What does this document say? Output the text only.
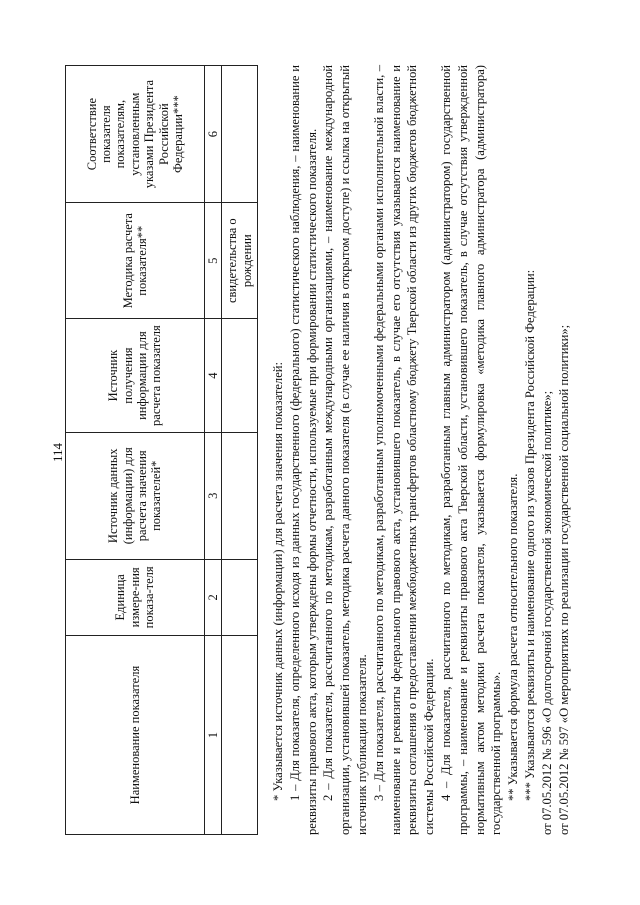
114
Наименование показателя	Единица измере-ния показа-теля	Источник данных (информации) для расчета значения показателей*	Источник получения информации для расчета показателя	Методика расчета показателя**	Соответствие показателя показателям, установленным указами Президента Российской Федерации***
1	2	3	4	5	6
				свидетельства о рождении	

* Указывается источник данных (информации) для расчета значения показателей: 1 – Для показателя, определенного исходя из данных государственного (федерального) статистического наблюдения, – наименование и реквизиты правового акта, которым утверждены формы отчетности, используемые при формировании статистического показателя. 2 – Для показателя, рассчитанного по методикам, разработанным международными организациями, – наименование международной организации, установившей показатель, методика расчета данного показателя (в случае ее наличия в открытом доступе) и ссылка на открытый источник публикации показателя. 3 – Для показателя, рассчитанного по методикам, разработанным уполномоченными федеральными органами исполнительной власти, – наименование и реквизиты федерального правового акта, установившего показатель, в случае его отсутствия указываются наименование и реквизиты соглашения о предоставлении межбюджетных трансфертов областному бюджету Тверской области из других бюджетов бюджетной системы Российской Федерации. 4 – Для показателя, рассчитанного по методикам, разработанным главным администратором (администратором) государственной программы, – наименование и реквизиты правового акта Тверской области, установившего показатель, в случае отсутствия утвержденной нормативным актом методики расчета показателя, указывается формулировка «методика главного администратора (администратора) государственной программы». ** Указывается формула расчета относительного показателя. *** Указываются реквизиты и наименование одного из указов Президента Российской Федерации: от 07.05.2012 № 596 «О долгосрочной государственной экономической политике»; от 07.05.2012 № 597 «О мероприятиях по реализации государственной социальной политики»;
